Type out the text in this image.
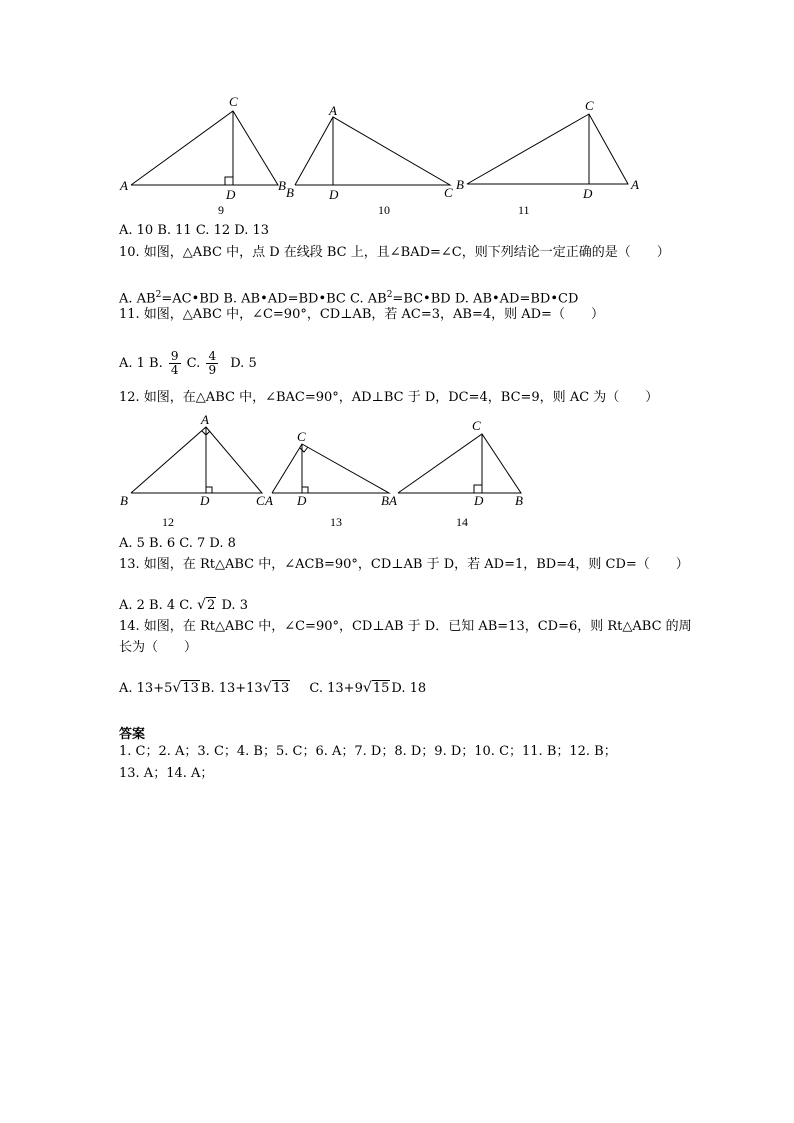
C
A	B
D
9
A
B	C
D
10
C
B	A
D
11
A. 10 B. 11 C. 12 D. 13
10. 如图，△ABC 中，点 D 在线段 BC 上，且∠BAD=∠C，则下列结论一定正确的是（　　）
A. $AB^2=AC•BD$ B. AB•AD=BD•BC C. $AB^2=BC•BD$ D. AB•AD=BD•CD
11. 如图，△ABC 中，∠C=90°，CD⊥AB，若 AC=3，AB=4，则 AD=（　　）
A. 1 B. $\frac{9}{4} C$. $\frac{4}{9} D$. 5
12. 如图，在△ABC 中，∠BAC=90°，AD⊥BC 于 D，DC=4，BC=9，则 AC 为（　　）
A
B	C
D
12
C
A	B
D
13
C
A	B
D
14
A. 5 B. 6 C. 7 D. 8
13. 如图，在 Rt△ABC 中，∠ACB=90°，CD⊥AB 于 D，若 AD=1，BD=4，则 CD=（　　）
A. 2 B. 4 C. √ 2 D. 3
14. 如图，在 Rt△ABC 中，∠C=90°，CD⊥AB 于 D．已知 AB=13，CD=6，则 Rt△ABC 的周
长为（　　）
A. 13+5 √ 13 B. 13+13 √ 13 C. 13+9 √ 15 D. 18
答案
1. C；2. A；3. C；4. B；5. C；6. A；7. D；8. D；9. D；10. C；11. B；12. B；
13. A；14. A；
